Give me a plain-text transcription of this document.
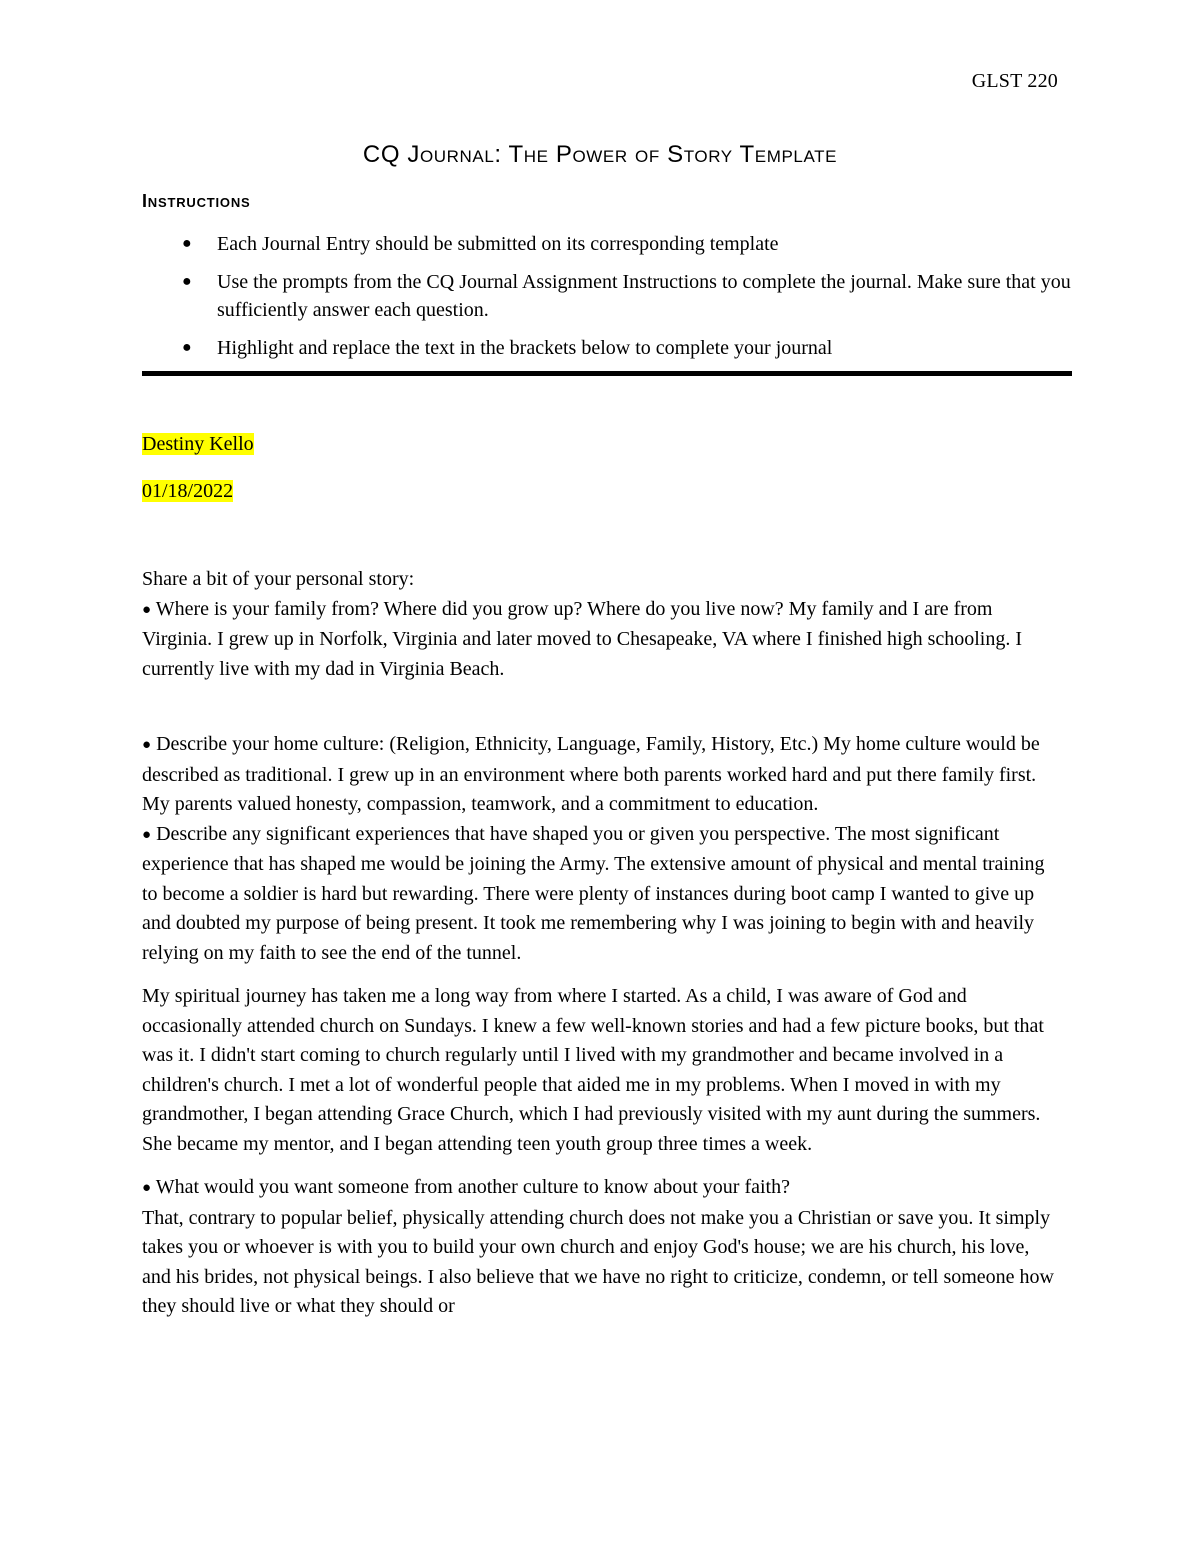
GLST 220
CQ Journal: The Power of Story Template
Instructions
● Each Journal Entry should be submitted on its corresponding template
● Use the prompts from the CQ Journal Assignment Instructions to complete the journal. Make sure that you sufficiently answer each question.
● Highlight and replace the text in the brackets below to complete your journal
Destiny Kello
01/18/2022

Share a bit of your personal story:

● Where is your family from? Where did you grow up? Where do you live now? My family and I are from Virginia. I grew up in Norfolk, Virginia and later moved to Chesapeake, VA where I finished high schooling. I currently live with my dad in Virginia Beach.

● Describe your home culture: (Religion, Ethnicity, Language, Family, History, Etc.) My home culture would be described as traditional. I grew up in an environment where both parents worked hard and put there family first. My parents valued honesty, compassion, teamwork, and a commitment to education.

● Describe any significant experiences that have shaped you or given you perspective. The most significant experience that has shaped me would be joining the Army. The extensive amount of physical and mental training to become a soldier is hard but rewarding. There were plenty of instances during boot camp I wanted to give up and doubted my purpose of being present. It took me remembering why I was joining to begin with and heavily relying on my faith to see the end of the tunnel.

My spiritual journey has taken me a long way from where I started. As a child, I was aware of God and occasionally attended church on Sundays. I knew a few well-known stories and had a few picture books, but that was it. I didn't start coming to church regularly until I lived with my grandmother and became involved in a children's church. I met a lot of wonderful people that aided me in my problems. When I moved in with my grandmother, I began attending Grace Church, which I had previously visited with my aunt during the summers. She became my mentor, and I began attending teen youth group three times a week.

● What would you want someone from another culture to know about your faith?

That, contrary to popular belief, physically attending church does not make you a Christian or save you. It simply takes you or whoever is with you to build your own church and enjoy God's house; we are his church, his love, and his brides, not physical beings. I also believe that we have no right to criticize, condemn, or tell someone how they should live or what they should or
